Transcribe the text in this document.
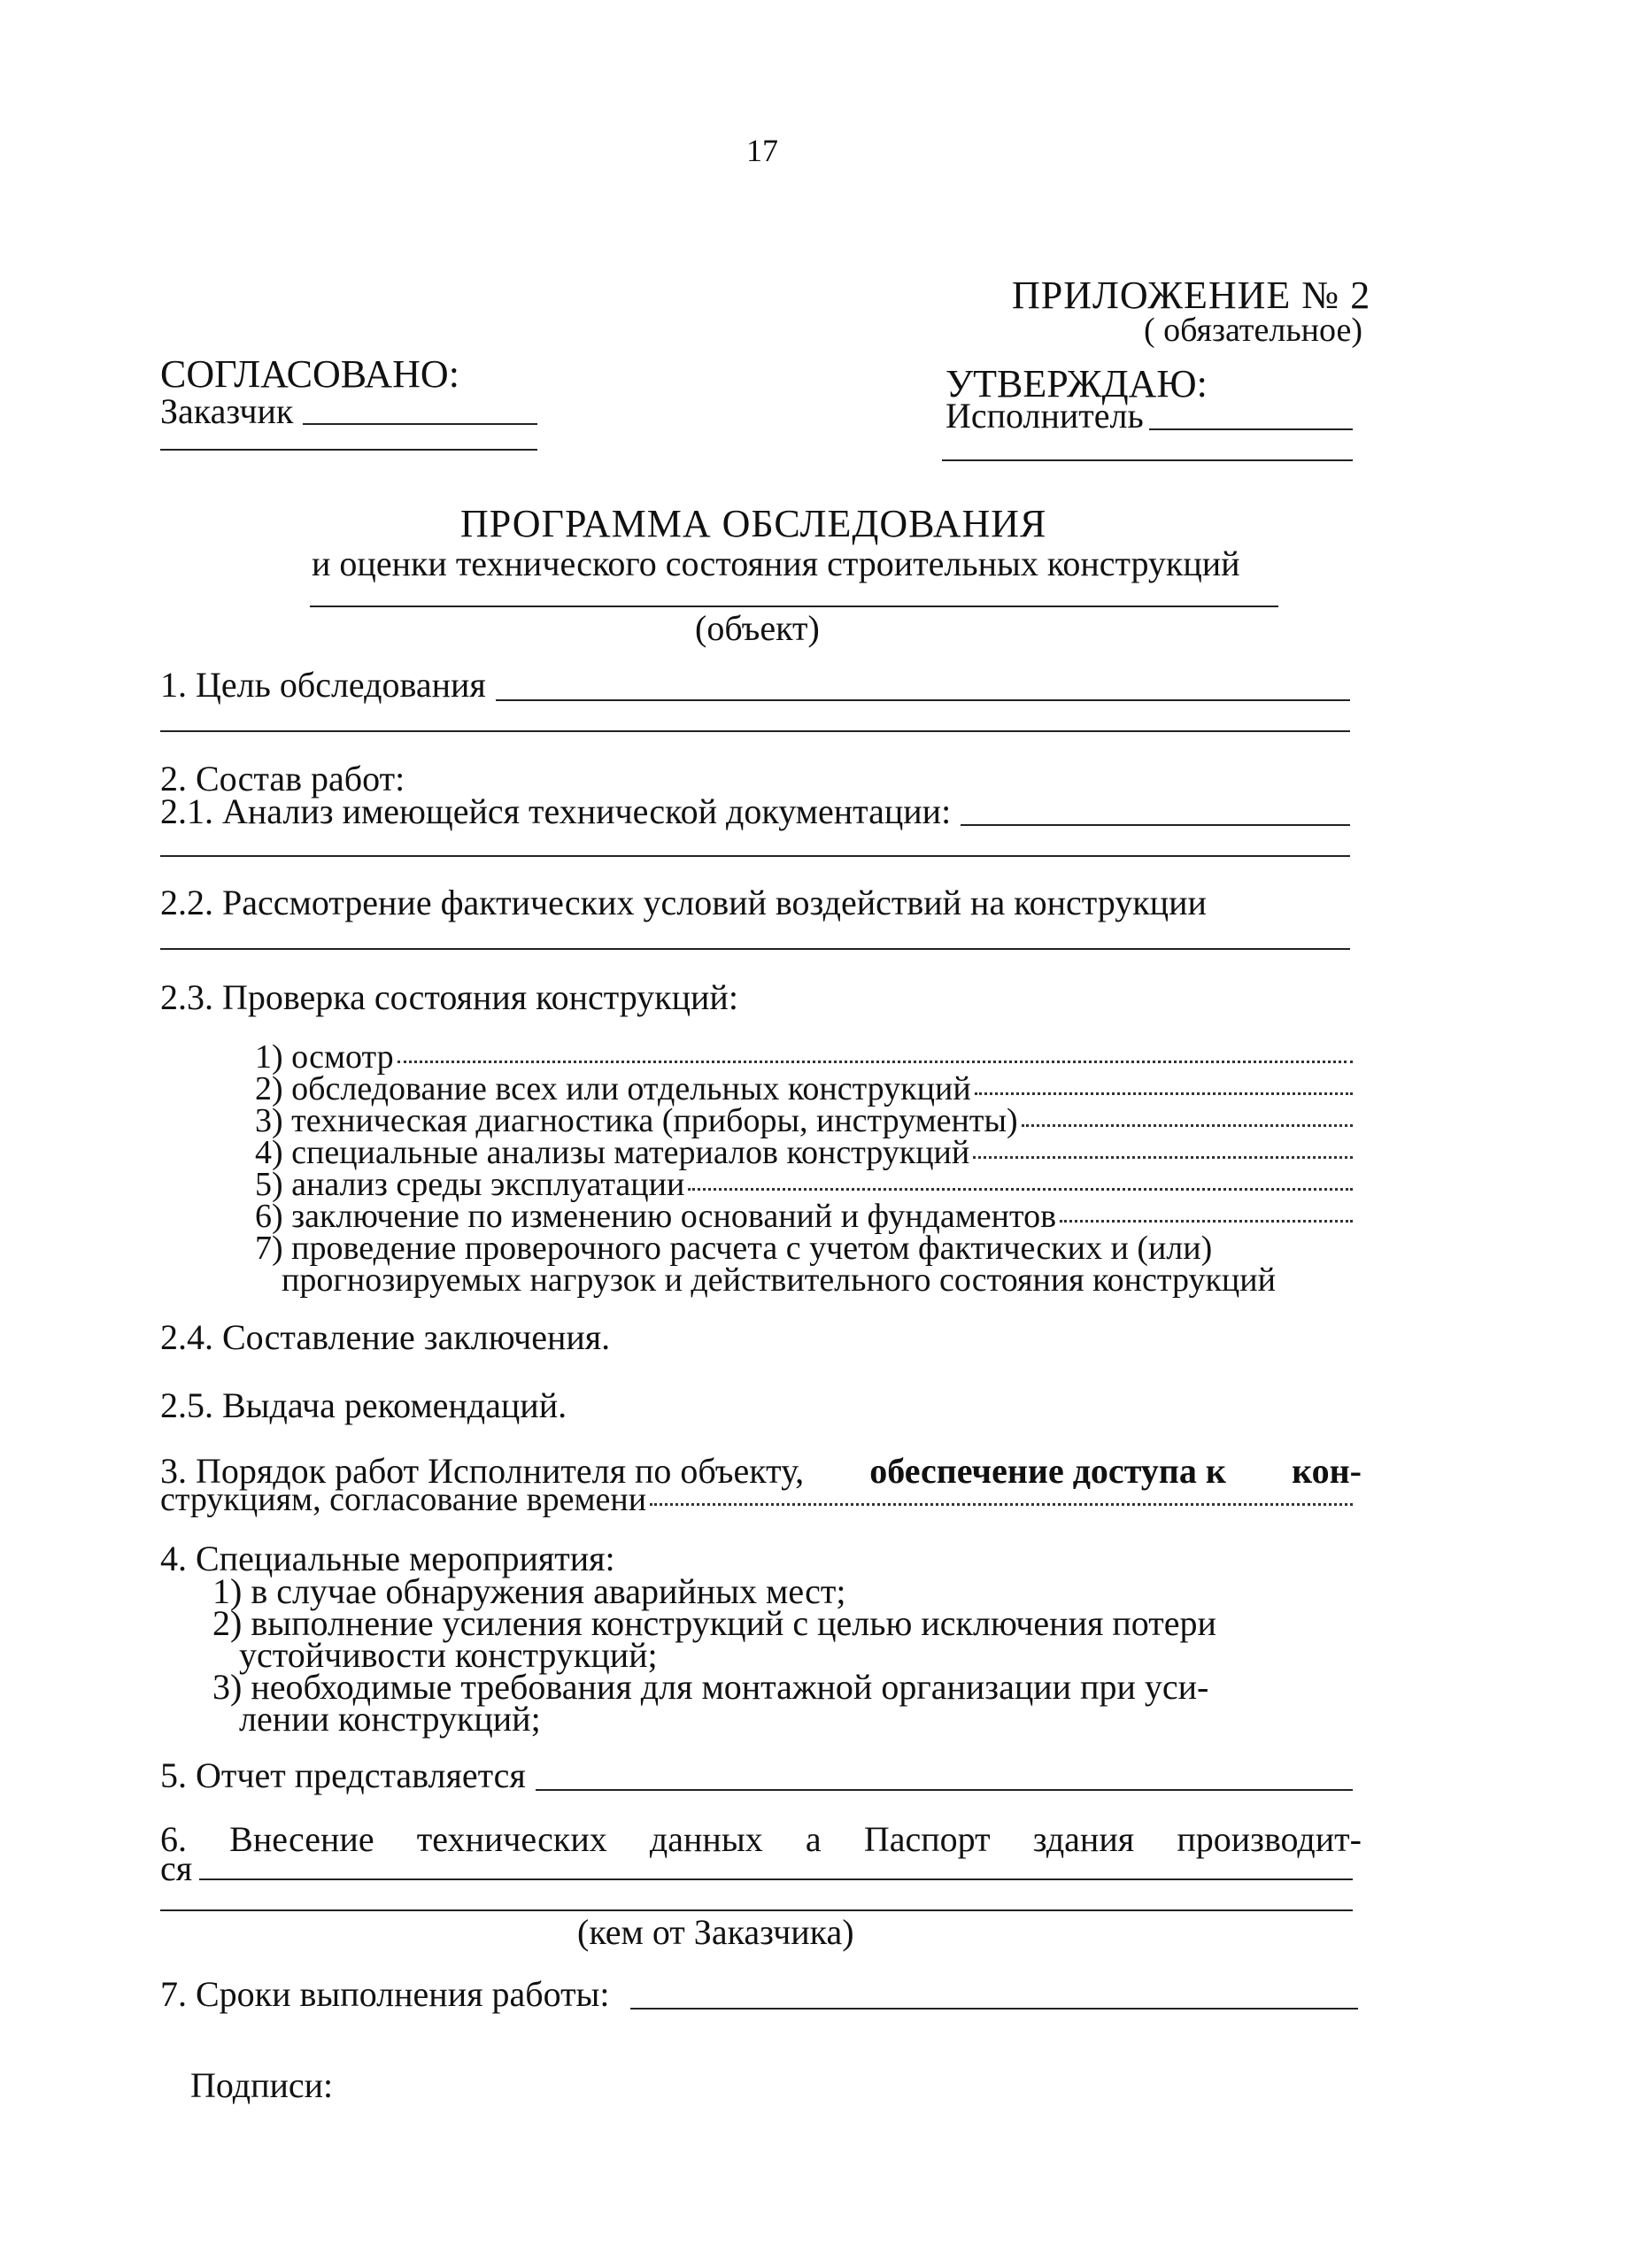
17
ПРИЛОЖЕНИЕ № 2
( обязательное)
СОГЛАСОВАНО:
Заказчик
УТВЕРЖДАЮ:
Исполнитель
ПРОГРАММА ОБСЛЕДОВАНИЯ
и оценки технического состояния строительных конструкций
(объект)
1. Цель обследования
2. Состав работ:
2.1. Анализ имеющейся технической документации:
2.2. Рассмотрение фактических условий воздействий на конструкции
2.3. Проверка состояния конструкций:
1) осмотр
2) обследование всех или отдельных конструкций
3) техническая диагностика (приборы, инструменты)
4) специальные анализы материалов конструкций
5) анализ среды эксплуатации
6) заключение по изменению оснований и фундаментов
7) проведение проверочного расчета с учетом фактических и (или)
прогнозируемых нагрузок и действительного состояния конструкций
2.4. Составление заключения.
2.5. Выдача рекомендаций.
3. Порядок работ Исполнителя по объекту, обеспечение доступа к кон-
струкциям, согласование времени
4. Специальные мероприятия:
1) в случае обнаружения аварийных мест;
2) выполнение усиления конструкций с целью исключения потери
устойчивости конструкций;
3) необходимые требования для монтажной организации при уси-
лении конструкций;
5. Отчет представляется
6. Внесение технических данных а Паспорт здания производит-
ся
(кем от Заказчика)
7. Сроки выполнения работы:
Подписи:
